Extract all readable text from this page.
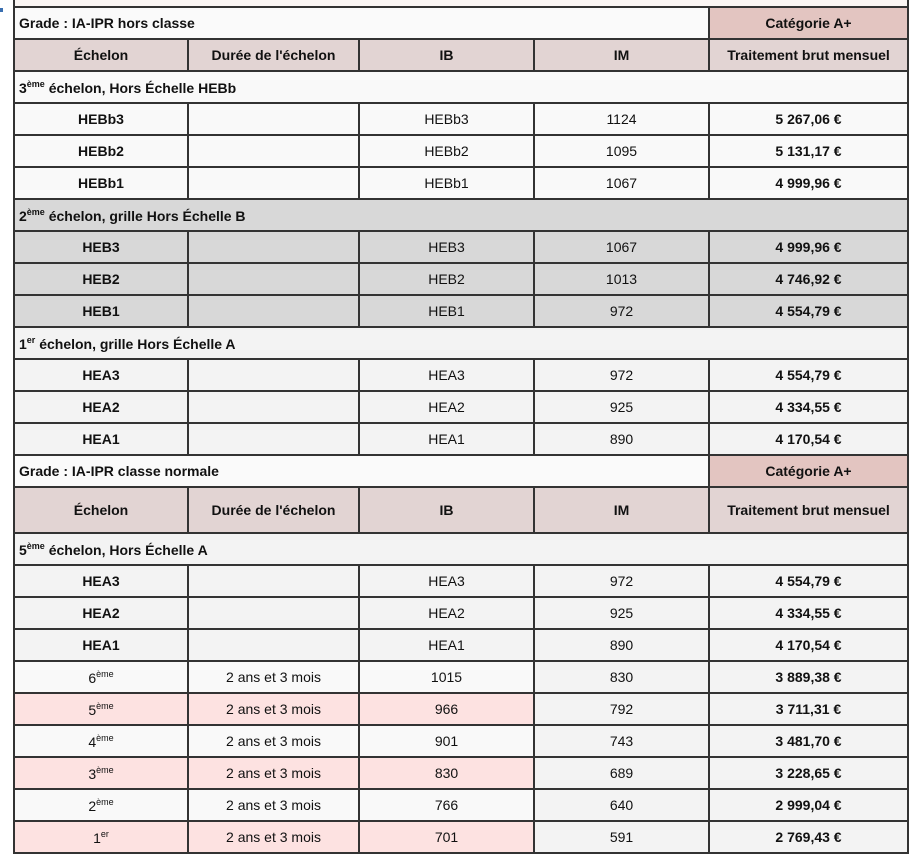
Grade : IA-IPR hors classe				Catégorie A+
Échelon	Durée de l'échelon	IB	IM	Traitement brut mensuel
3ème échelon, Hors Échelle HEBb				
HEBb3		HEBb3	1124	5 267,06 €
HEBb2		HEBb2	1095	5 131,17 €
HEBb1		HEBb1	1067	4 999,96 €
2ème échelon, grille Hors Échelle B				
HEB3		HEB3	1067	4 999,96 €
HEB2		HEB2	1013	4 746,92 €
HEB1		HEB1	972	4 554,79 €
1er échelon, grille Hors Échelle A				
HEA3		HEA3	972	4 554,79 €
HEA2		HEA2	925	4 334,55 €
HEA1		HEA1	890	4 170,54 €
Grade : IA-IPR classe normale				Catégorie A+
Échelon	Durée de l'échelon	IB	IM	Traitement brut mensuel
5ème échelon, Hors Échelle A				
HEA3		HEA3	972	4 554,79 €
HEA2		HEA2	925	4 334,55 €
HEA1		HEA1	890	4 170,54 €
6ème	2 ans et 3 mois	1015	830	3 889,38 €
5ème	2 ans et 3 mois	966	792	3 711,31 €
4ème	2 ans et 3 mois	901	743	3 481,70 €
3ème	2 ans et 3 mois	830	689	3 228,65 €
2ème	2 ans et 3 mois	766	640	2 999,04 €
1er	2 ans et 3 mois	701	591	2 769,43 €
